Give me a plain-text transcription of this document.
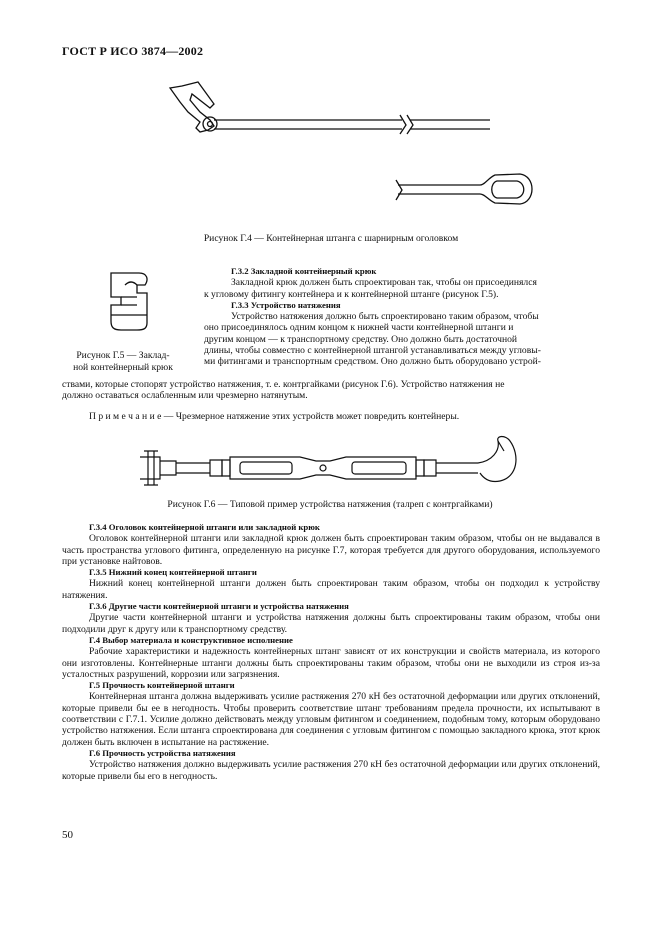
ГОСТ Р ИСО 3874—2002
Рисунок Г.4 — Контейнерная штанга с шарнирным оголовком
Рисунок Г.5 — Заклад-
ной контейнерный крюк

Г.3.2 Закладной контейнерный крюк

Закладной крюк должен быть спроектирован так, чтобы он присоединялся

к угловому фитингу контейнера и к контейнерной штанге (рисунок Г.5).

Г.3.3 Устройство натяжения

Устройство натяжения должно быть спроектировано таким образом, чтобы

оно присоединялось одним концом к нижней части контейнерной штанги и

другим концом — к транспортному средству. Оно должно быть достаточной

длины, чтобы совместно с контейнерной штангой устанавливаться между угловы-

ми фитингами и транспортным средством. Оно должно быть оборудовано устрой-

ствами, которые стопорят устройство натяжения, т. е. контргайками (рисунок Г.6). Устройство натяжения не

должно оставаться ослабленным или чрезмерно натянутым.

П р и м е ч а н и е — Чрезмерное натяжение этих устройств может повредить контейнеры.

Рисунок Г.6 — Типовой пример устройства натяжения (талреп с контргайками)

Г.3.4 Оголовок контейнерной штанги или закладной крюк

Оголовок контейнерной штанги или закладной крюк должен быть спроектирован таким образом, чтобы он не выдавался в часть пространства углового фитинга, определенную на рисунке Г.7, которая требуется для другого оборудования, используемого при установке найтовов.

Г.3.5 Нижний конец контейнерной штанги

Нижний конец контейнерной штанги должен быть спроектирован таким образом, чтобы он подходил к устройству натяжения.

Г.3.6 Другие части контейнерной штанги и устройства натяжения

Другие части контейнерной штанги и устройства натяжения должны быть спроектированы таким образом, чтобы они подходили друг к другу или к транспортному средству.

Г.4 Выбор материала и конструктивное исполнение

Рабочие характеристики и надежность контейнерных штанг зависят от их конструкции и свойств материала, из которого они изготовлены. Контейнерные штанги должны быть спроектированы таким образом, чтобы они не выходили из строя из-за усталостных разрушений, коррозии или загрязнения.

Г.5 Прочность контейнерной штанги

Контейнерная штанга должна выдерживать усилие растяжения 270 кН без остаточной деформации или других отклонений, которые привели бы ее в негодность. Чтобы проверить соответствие штанг требованиям предела прочности, их испытывают в соответствии с Г.7.1. Усилие должно действовать между угловым фитингом и соединением, подобным тому, которым оборудовано устройство натяжения. Если штанга спроектирована для соединения с угловым фитингом с помощью закладного крюка, этот крюк должен быть включен в испытание на растяжение.

Г.6 Прочность устройства натяжения

Устройство натяжения должно выдерживать усилие растяжения 270 кН без остаточной деформации или других отклонений, которые привели бы его в негодность.

50
